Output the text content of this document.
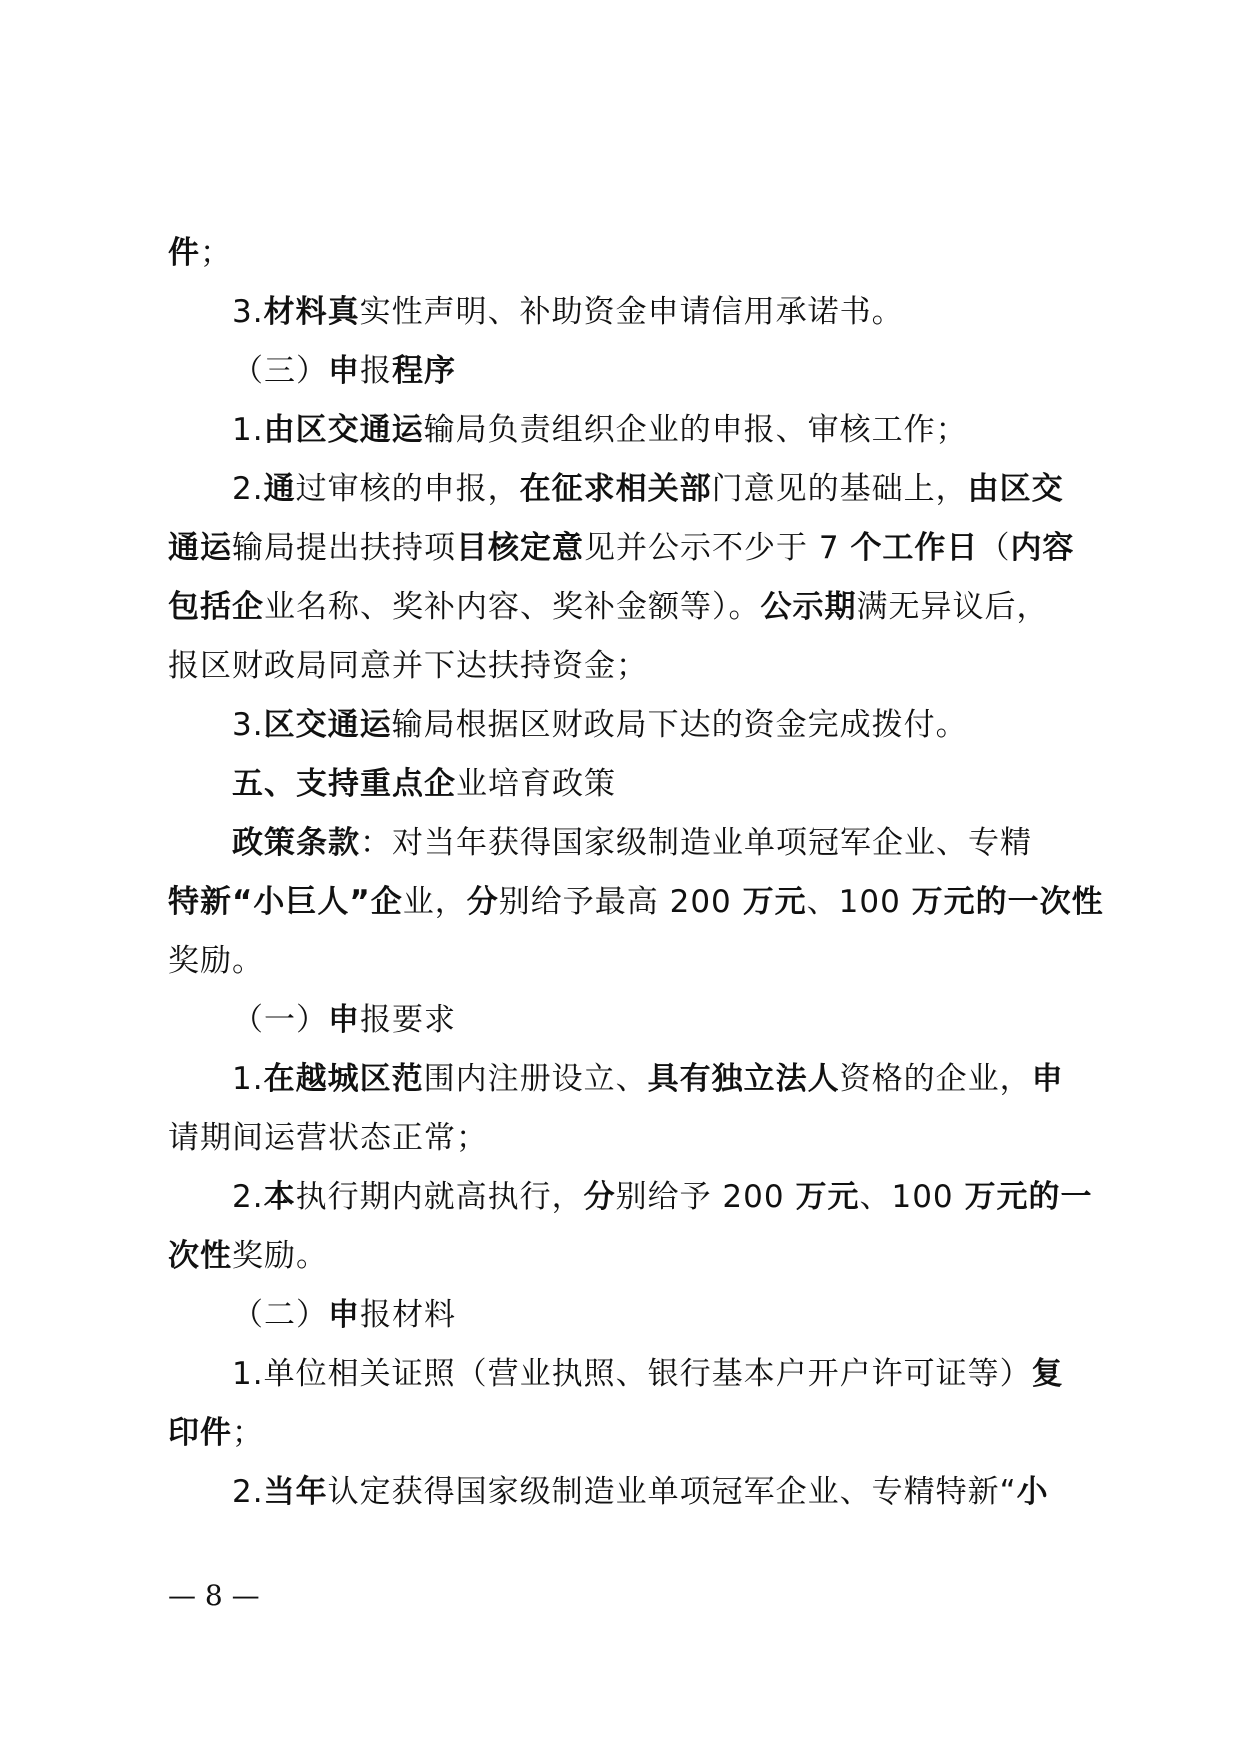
件；
3.材料真实性声明、补助资金申请信用承诺书。
（三）申报程序
1.由区交通运输局负责组织企业的申报、审核工作；
2.通过审核的申报，在征求相关部门意见的基础上，由区交
通运输局提出扶持项目核定意见并公示不少于 7 个工作日（内容
包括企业名称、奖补内容、奖补金额等）。公示期满无异议后，
报区财政局同意并下达扶持资金；
3.区交通运输局根据区财政局下达的资金完成拨付。
五、支持重点企业培育政策
政策条款：对当年获得国家级制造业单项冠军企业、专精
特新“小巨人”企业，分别给予最高 200 万元、100 万元的一次性
奖励。
（一）申报要求
1.在越城区范围内注册设立、具有独立法人资格的企业，申
请期间运营状态正常；
2.本执行期内就高执行，分别给予 200 万元、100 万元的一
次性奖励。
（二）申报材料
1.单位相关证照（营业执照、银行基本户开户许可证等）复
印件；
2.当年认定获得国家级制造业单项冠军企业、专精特新“小
— 8 —
